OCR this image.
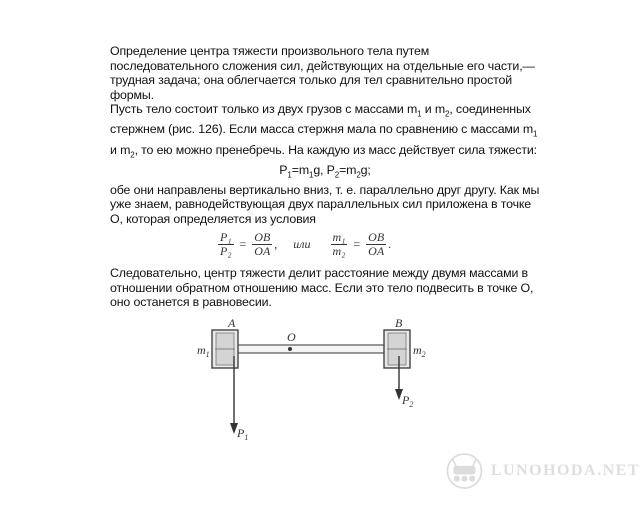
Определение центра тяжести произвольного тела путем последовательного сложения сил, действующих на отдельные его части,— трудная задача; она облегчается только для тел сравнительно простой формы.

Пусть тело состоит только из двух грузов с массами $m_1$ и $m_2$, соединенных стержнем (рис. 126). Если масса стержня мала по сравнению с массами $m_1$ и $m_2$, то ею можно пренебречь. На каждую из масс действует сила тяжести:

$P_1=m_1g$, $P_2=m_2g$;

обе они направлены вертикально вниз, т. е. параллельно друг другу. Как мы уже знаем, равнодействующая двух параллельных сил приложена в точке O, которая определяется из условия

$\frac{\text{P₁}}{\text{P₂}} = \frac{OB}{OA}$ , или $\frac{\text{m₁}}{\text{m₂}} = \frac{OB}{OA}$ .

Следовательно, центр тяжести делит расстояние между двумя массами в отношении обратном отношению масс. Если это тело подвесить в точке O, оно останется в равновесии.

A	B
O
$m_1$	$m_2$
$P_1$
$P_2$
LUNOHODA.NET
